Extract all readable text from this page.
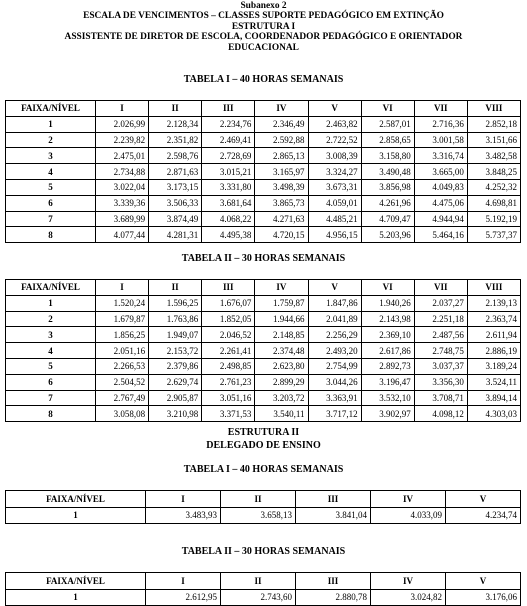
Subanexo 2
ESCALA DE VENCIMENTOS – CLASSES SUPORTE PEDAGÓGICO EM EXTINÇÃO
ESTRUTURA I
ASSISTENTE DE DIRETOR DE ESCOLA, COORDENADOR PEDAGÓGICO E ORIENTADOR
EDUCACIONAL
TABELA I – 40 HORAS SEMANAIS
FAIXA/NÍVEL	I	II	III	IV	V	VI	VII	VIII
1	2.026,99	2.128,34	2.234,76	2.346,49	2.463,82	2.587,01	2.716,36	2.852,18
2	2.239,82	2.351,82	2.469,41	2.592,88	2.722,52	2.858,65	3.001,58	3.151,66
3	2.475,01	2.598,76	2.728,69	2.865,13	3.008,39	3.158,80	3.316,74	3.482,58
4	2.734,88	2.871,63	3.015,21	3.165,97	3.324,27	3.490,48	3.665,00	3.848,25
5	3.022,04	3.173,15	3.331,80	3.498,39	3.673,31	3.856,98	4.049,83	4.252,32
6	3.339,36	3.506,33	3.681,64	3.865,73	4.059,01	4.261,96	4.475,06	4.698,81
7	3.689,99	3.874,49	4.068,22	4.271,63	4.485,21	4.709,47	4.944,94	5.192,19
8	4.077,44	4.281,31	4.495,38	4.720,15	4.956,15	5.203,96	5.464,16	5.737,37
TABELA II – 30 HORAS SEMANAIS
FAIXA/NÍVEL	I	II	III	IV	V	VI	VII	VIII
1	1.520,24	1.596,25	1.676,07	1.759,87	1.847,86	1.940,26	2.037,27	2.139,13
2	1.679,87	1.763,86	1.852,05	1.944,66	2.041,89	2.143,98	2.251,18	2.363,74
3	1.856,25	1.949,07	2.046,52	2.148,85	2.256,29	2.369,10	2.487,56	2.611,94
4	2.051,16	2.153,72	2.261,41	2.374,48	2.493,20	2.617,86	2.748,75	2.886,19
5	2.266,53	2.379,86	2.498,85	2.623,80	2.754,99	2.892,73	3.037,37	3.189,24
6	2.504,52	2.629,74	2.761,23	2.899,29	3.044,26	3.196,47	3.356,30	3.524,11
7	2.767,49	2.905,87	3.051,16	3.203,72	3.363,91	3.532,10	3.708,71	3.894,14
8	3.058,08	3.210,98	3.371,53	3.540,11	3.717,12	3.902,97	4.098,12	4.303,03
ESTRUTURA II
DELEGADO DE ENSINO
TABELA I – 40 HORAS SEMANAIS
FAIXA/NÍVEL	I	II	III	IV	V
1	3.483,93	3.658,13	3.841,04	4.033,09	4.234,74
TABELA II – 30 HORAS SEMANAIS
FAIXA/NÍVEL	I	II	III	IV	V
1	2.612,95	2.743,60	2.880,78	3.024,82	3.176,06
